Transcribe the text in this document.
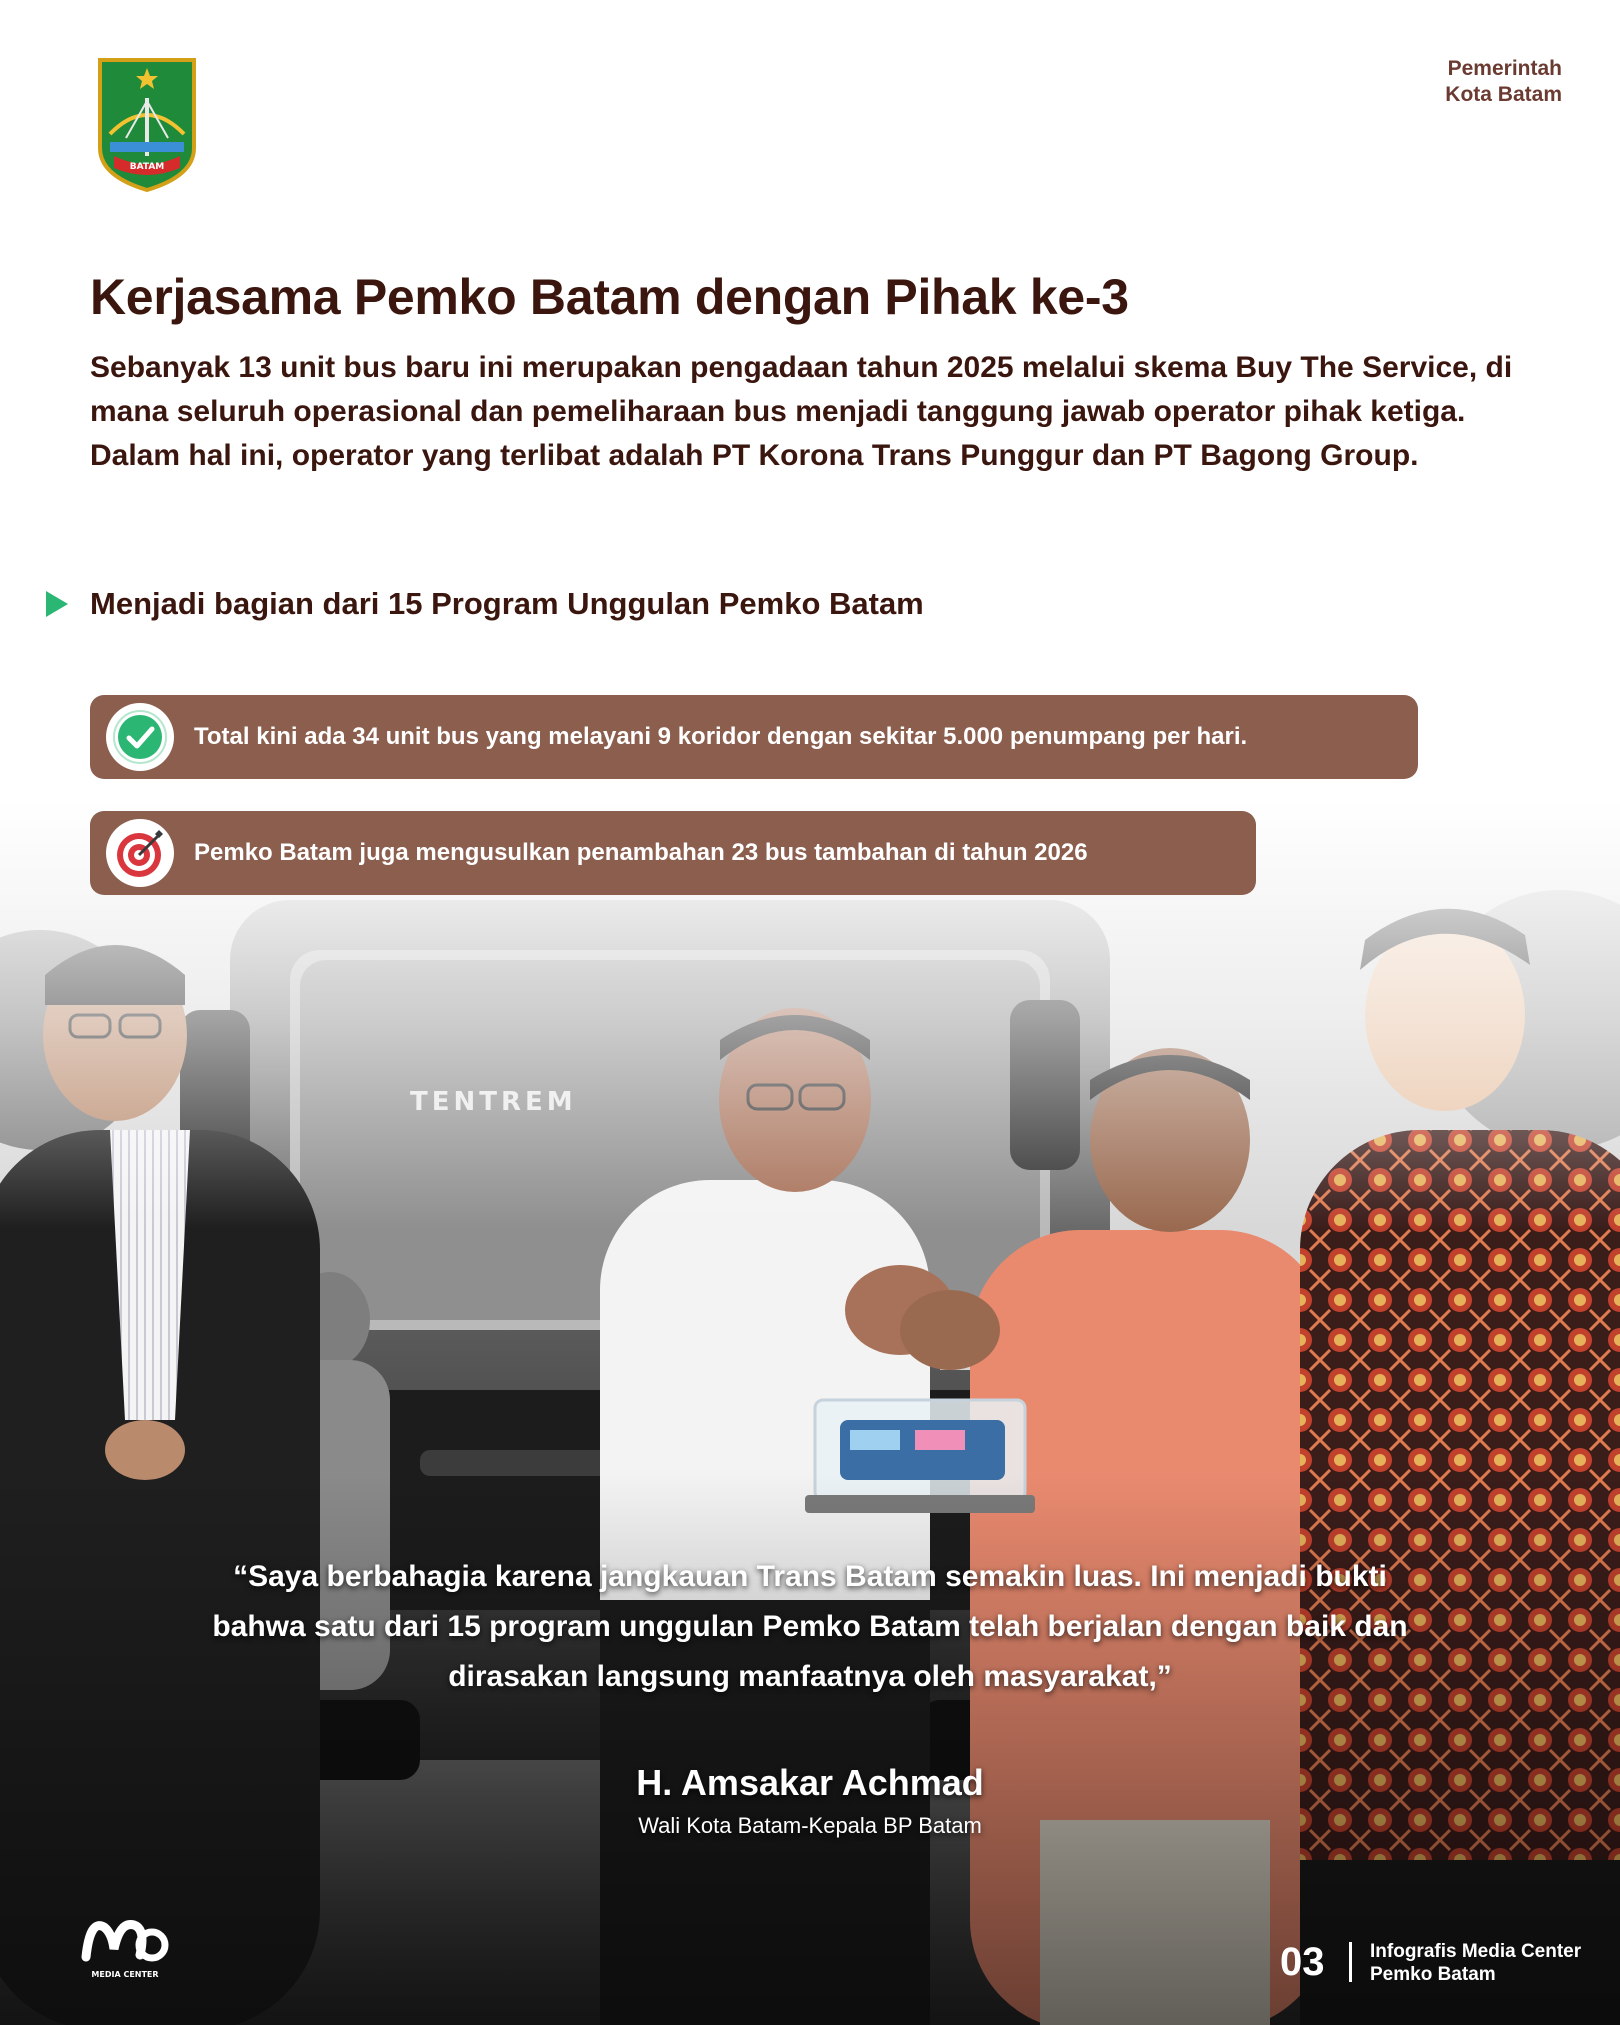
BATAM
Pemerintah
Kota Batam
Kerjasama Pemko Batam dengan Pihak ke-3

Sebanyak 13 unit bus baru ini merupakan pengadaan tahun 2025 melalui skema Buy The Service, di mana seluruh operasional dan pemeliharaan bus menjadi tanggung jawab operator pihak ketiga. Dalam hal ini, operator yang terlibat adalah PT Korona Trans Punggur dan PT Bagong Group.

Menjadi bagian dari 15 Program Unggulan Pemko Batam
Total kini ada 34 unit bus yang melayani 9 koridor dengan sekitar 5.000 penumpang per hari.
Pemko Batam juga mengusulkan penambahan 23 bus tambahan di tahun 2026

“Saya berbahagia karena jangkauan Trans Batam semakin luas. Ini menjadi bukti bahwa satu dari 15 program unggulan Pemko Batam telah berjalan dengan baik dan dirasakan langsung manfaatnya oleh masyarakat,”

H. Amsakar Achmad
Wali Kota Batam-Kepala BP Batam
MEDIA CENTER	03 Infografis Media Center
Pemko Batam
